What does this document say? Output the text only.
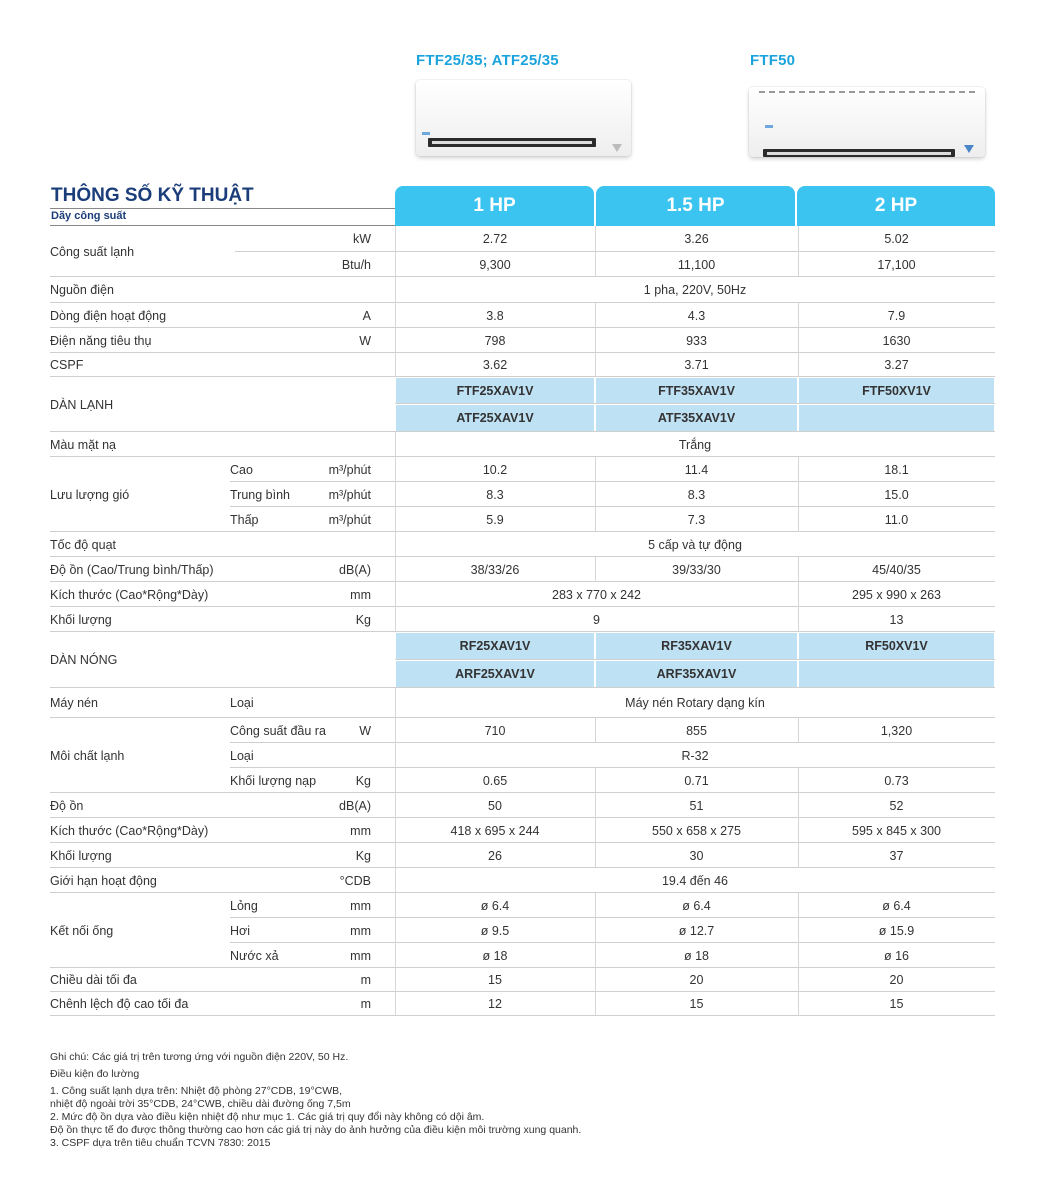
FTF25/35; ATF25/35	FTF50
THÔNG SỐ KỸ THUẬT
Dãy công suất	1 HP	1.5 HP	2 HP
Công suất lạnh
kW	2.72	3.26	5.02
Btu/h	9,300	11,100	17,100
Nguồn điện	1 pha, 220V, 50Hz
Dòng điện hoạt động	A	3.8	4.3	7.9
Điện năng tiêu thụ	W	798	933	1630
CSPF	3.62	3.71	3.27
DÀN LẠNH
FTF25XAV1V	FTF35XAV1V	FTF50XV1V
ATF25XAV1V	ATF35XAV1V
Màu mặt nạ	Trắng
Lưu lượng gió
Cao	m³/phút	10.2	11.4	18.1
Trung bình	m³/phút	8.3	8.3	15.0
Thấp	m³/phút	5.9	7.3	11.0
Tốc độ quạt	5 cấp và tự động
Độ ồn (Cao/Trung bình/Thấp)	dB(A)	38/33/26	39/33/30	45/40/35
Kích thước (Cao*Rộng*Dày)	mm	283 x 770 x 242	295 x 990 x 263
Khối lượng	Kg	9	13
DÀN NÓNG
RF25XAV1V	RF35XAV1V	RF50XV1V
ARF25XAV1V	ARF35XAV1V
Máy nén	Loại	Máy nén Rotary dạng kín
Môi chất lạnh
Công suất đầu ra	W	710	855	1,320
Loại	R-32
Khối lượng nạp	Kg	0.65	0.71	0.73
Độ ồn	dB(A)	50	51	52
Kích thước (Cao*Rộng*Dày)	mm	418 x 695 x 244	550 x 658 x 275	595 x 845 x 300
Khối lượng	Kg	26	30	37
Giới hạn hoạt động	°CDB	19.4 đến 46
Kết nối ống
Lỏng	mm	ø 6.4	ø 6.4	ø 6.4
Hơi	mm	ø 9.5	ø 12.7	ø 15.9
Nước xả	mm	ø 18	ø 18	ø 16
Chiều dài tối đa	m	15	20	20
Chênh lệch độ cao tối đa	m	12	15	15
Ghi chú: Các giá trị trên tương ứng với nguồn điện 220V, 50 Hz.
Điều kiện đo lường
1. Công suất lạnh dựa trên: Nhiệt độ phòng 27°CDB, 19°CWB,
nhiệt độ ngoài trời 35°CDB, 24°CWB, chiều dài đường ống 7,5m
2. Mức độ ồn dựa vào điều kiện nhiệt độ như mục 1. Các giá trị quy đổi này không có dội âm.
Độ ồn thực tế đo được thông thường cao hơn các giá trị này do ảnh hưởng của điều kiện môi trường xung quanh.
3. CSPF dựa trên tiêu chuẩn TCVN 7830: 2015
